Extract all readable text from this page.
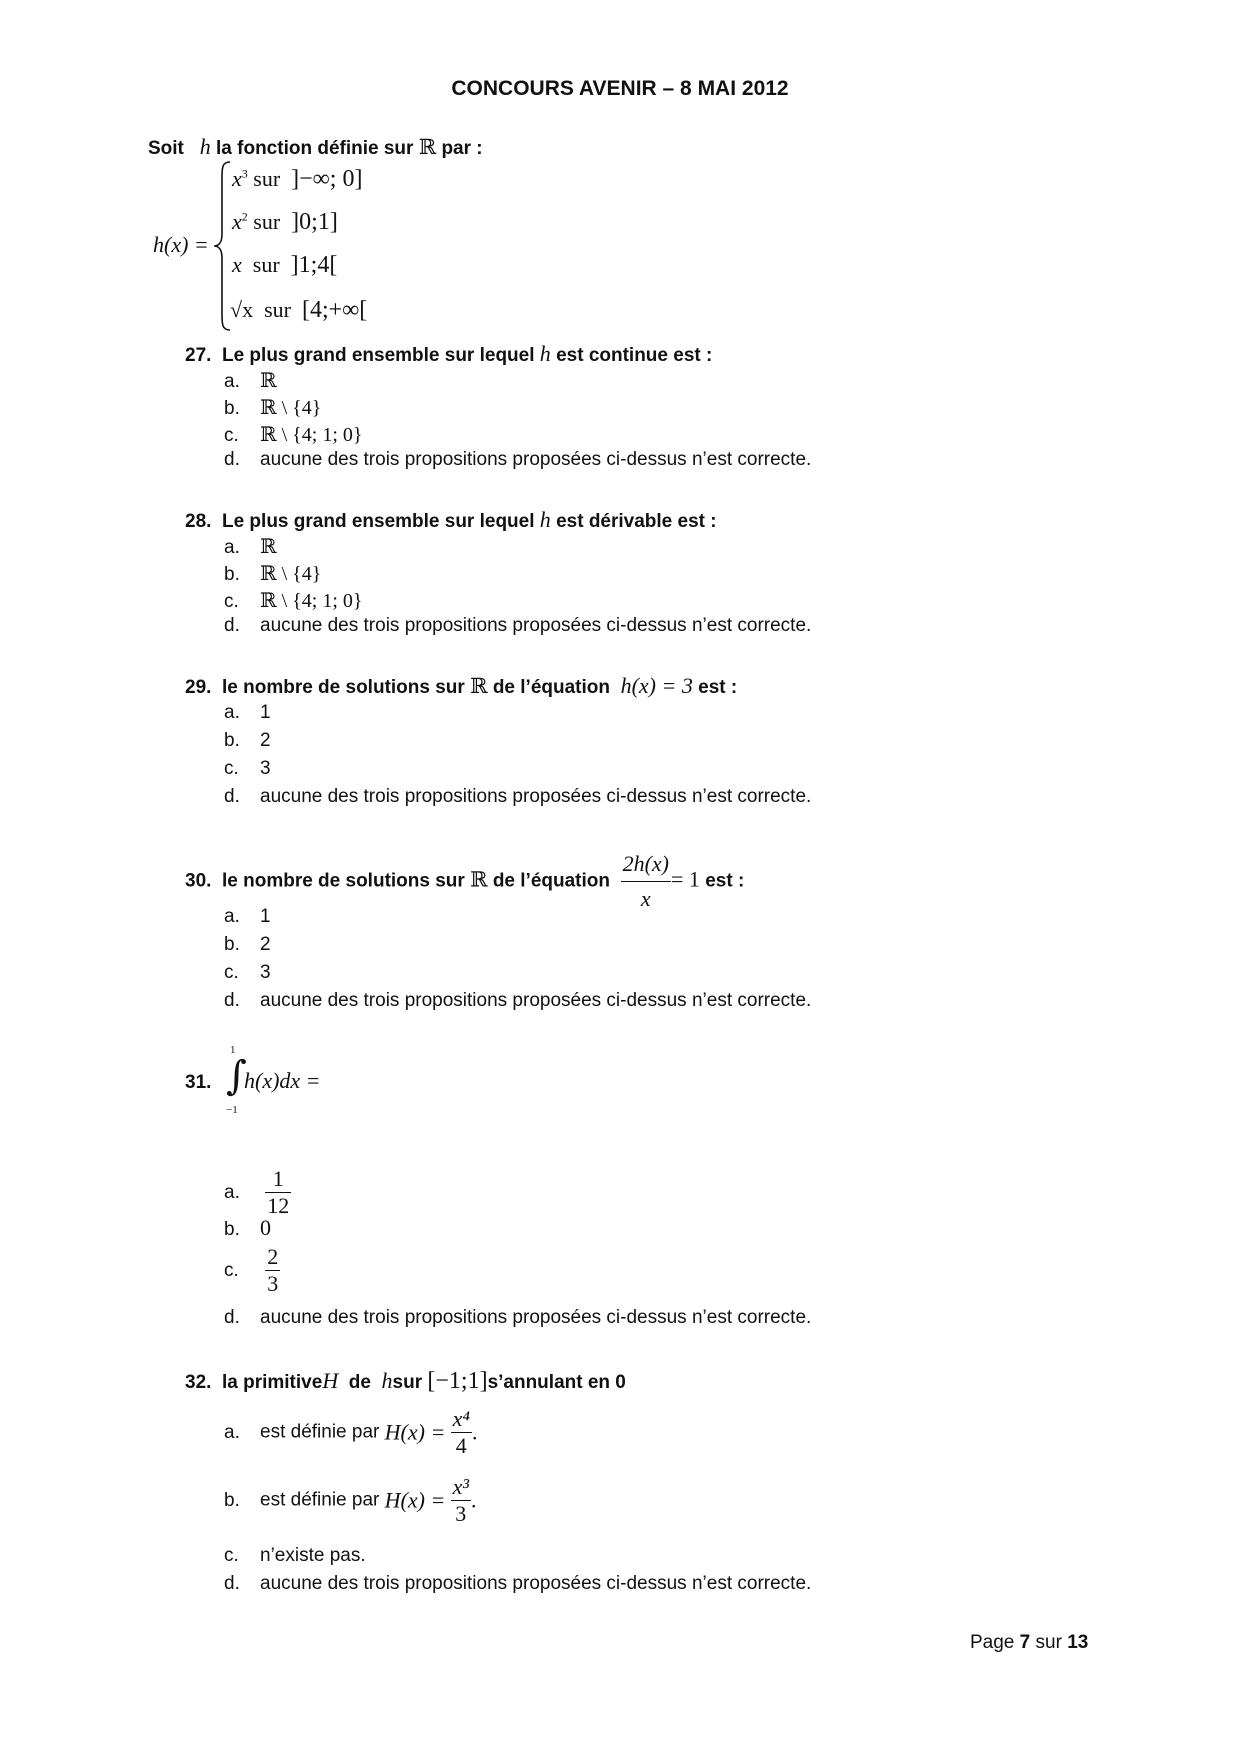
CONCOURS AVENIR – 8 MAI 2012
Soit h la fonction définie sur ℝ par :
h(x) =
$x^3$ sur ]−∞; 0]
$x^2$ sur ]0;1]
x sur ]1;4[
√x sur [4;+∞[
27. Le plus grand ensemble sur lequel h est continue est :
a. ℝ
b. ℝ \ {4}
c. ℝ \ {4; 1; 0}
d. aucune des trois propositions proposées ci-dessus n’est correcte.
28. Le plus grand ensemble sur lequel h est dérivable est :
a. ℝ
b. ℝ \ {4}
c. ℝ \ {4; 1; 0}
d. aucune des trois propositions proposées ci-dessus n’est correcte.
29. le nombre de solutions sur ℝ de l’équation h(x) = 3 est :
a. 1
b. 2
c. 3
d. aucune des trois propositions proposées ci-dessus n’est correcte.
30. le nombre de solutions sur ℝ de l’équation $\frac{2h(x)}{x} = 1$ est :
a. 1
b. 2
c. 3
d. aucune des trois propositions proposées ci-dessus n’est correcte.
31.
1
∫
−1
h(x)dx =
a. $\frac{1}{12}$
b. 0
c. $\frac{2}{3}$
d. aucune des trois propositions proposées ci-dessus n’est correcte.
32. la primitiveH de hsur [−1;1]s’annulant en 0
a. est définie par $H(x) = \frac{\text{x⁴}}{4}$ .
b. est définie par $H(x) = \frac{\text{x³}}{3}$ .
c. n’existe pas.
d. aucune des trois propositions proposées ci-dessus n’est correcte.
Page 7 sur 13
